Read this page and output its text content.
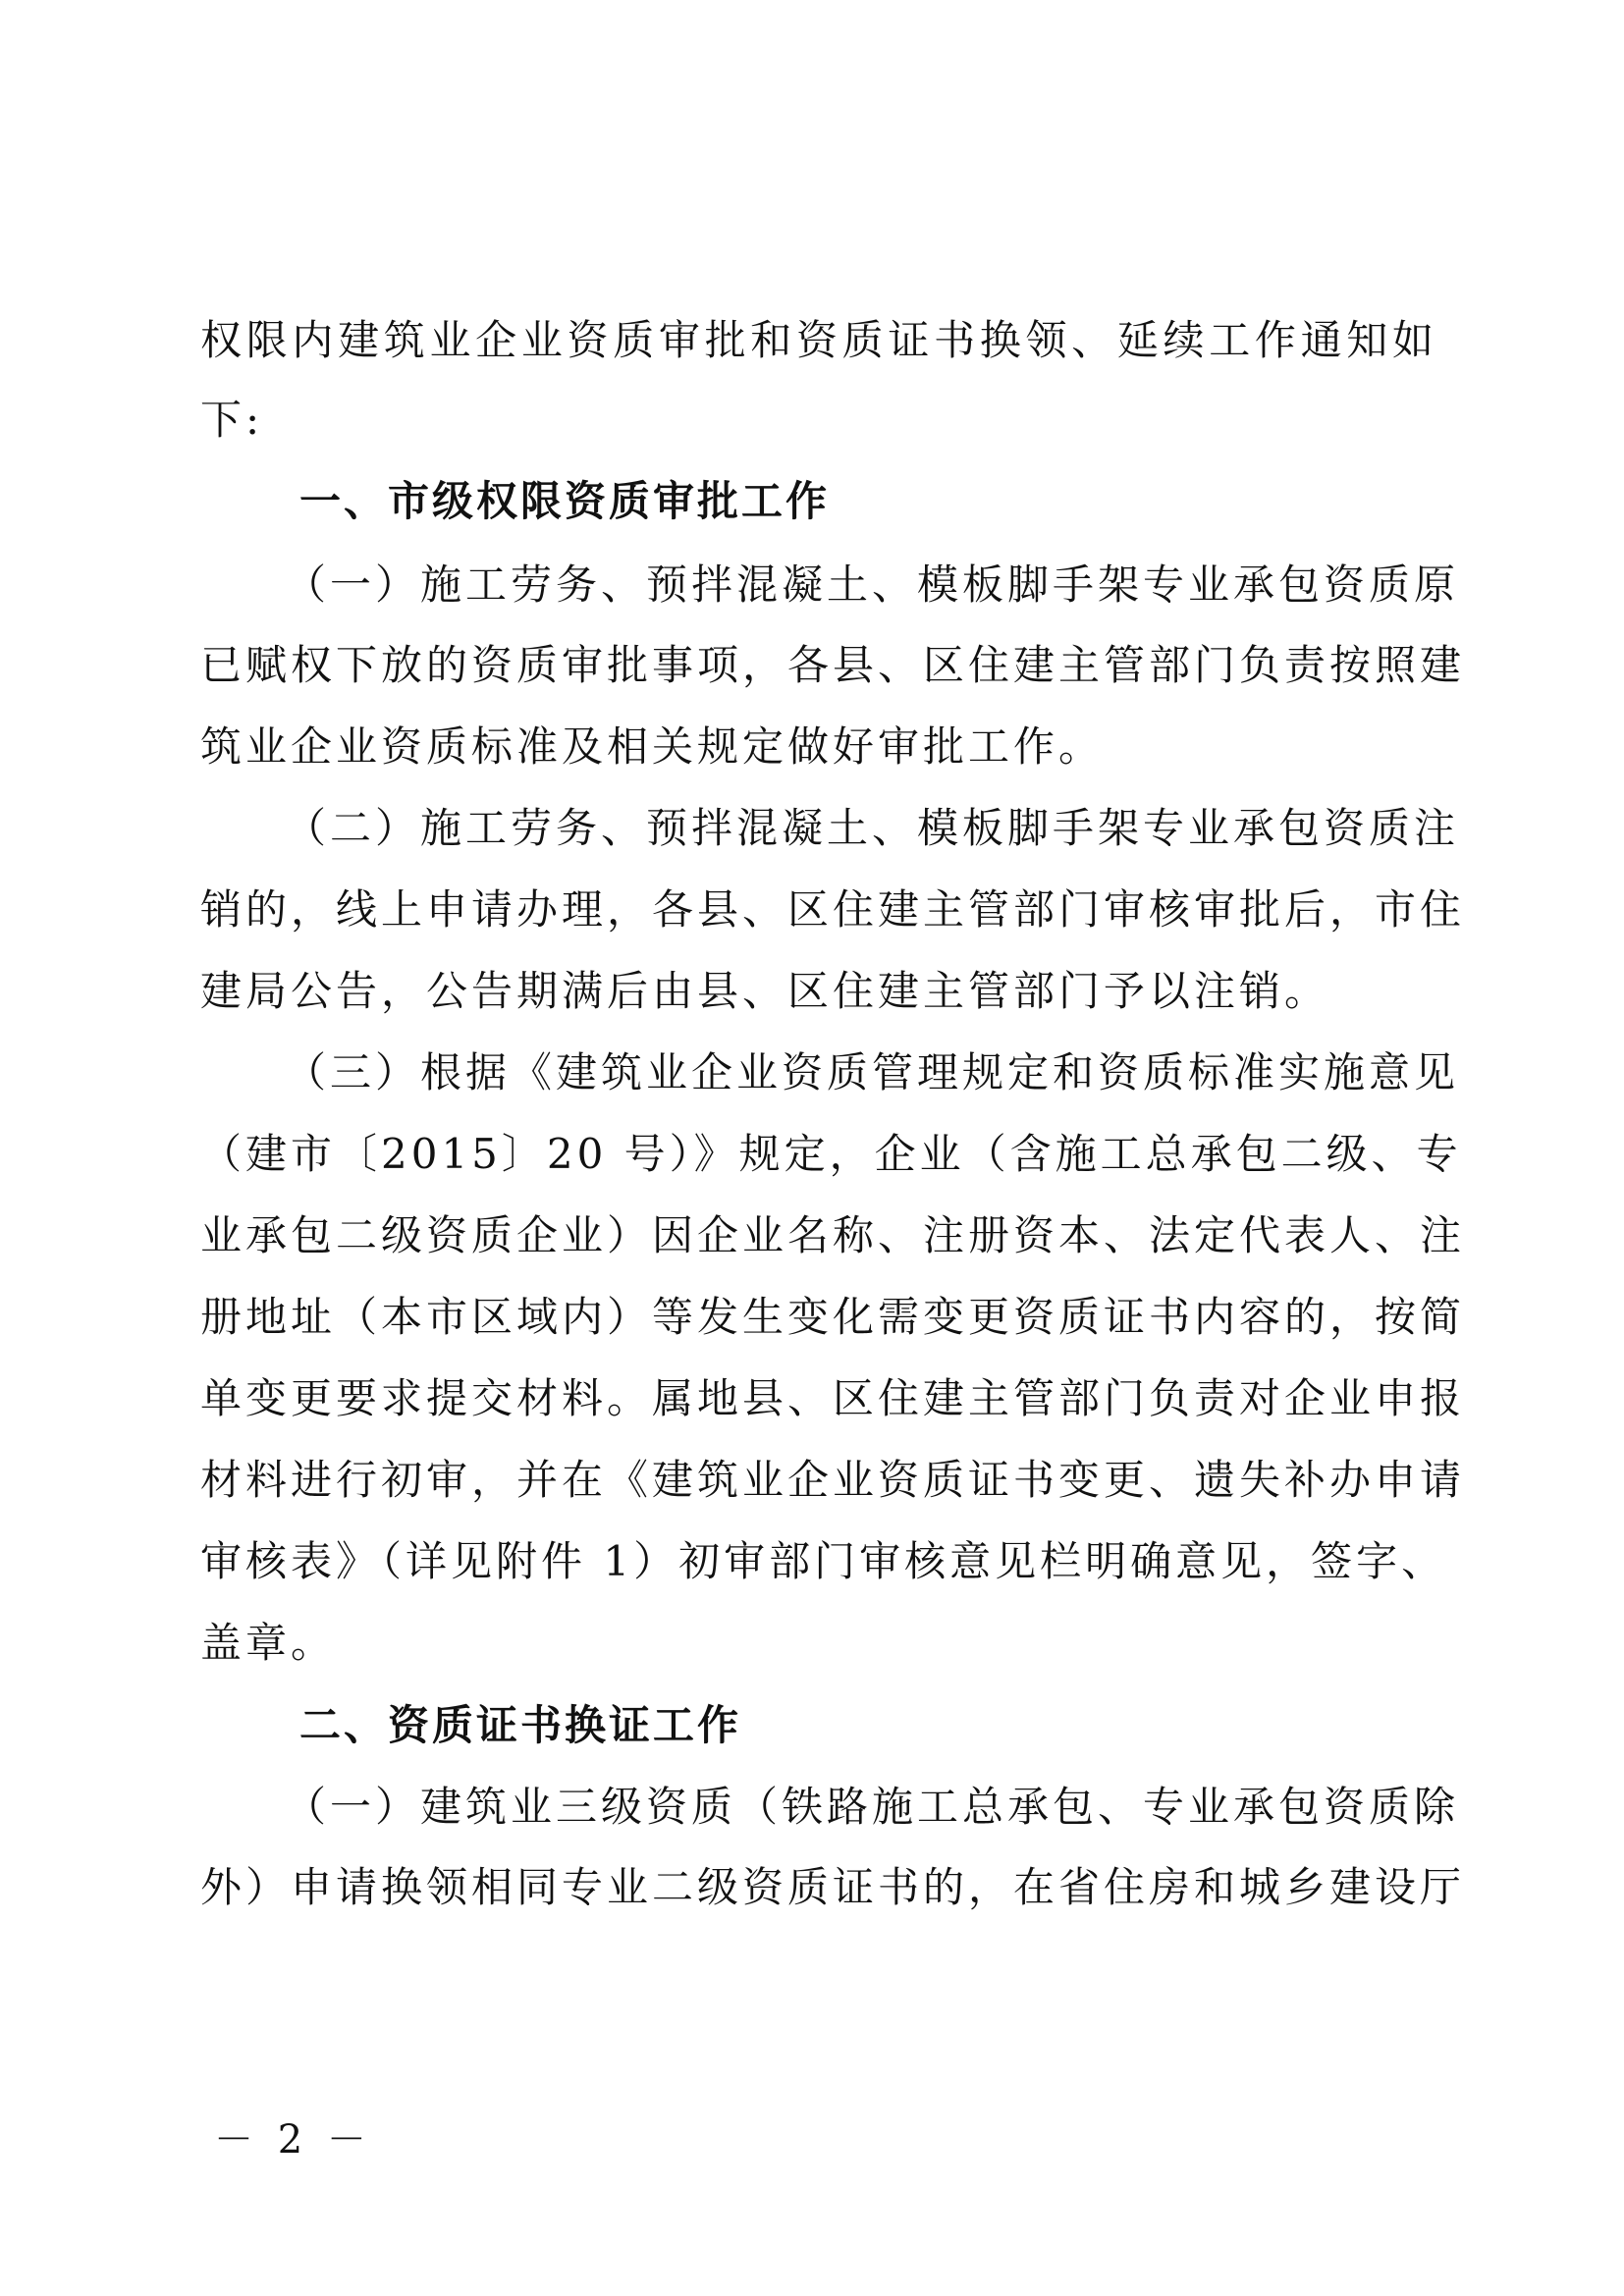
权限内建筑业企业资质审批和资质证书换领、延续工作通知如
下:
一、市级权限资质审批工作
（一）施工劳务、预拌混凝土、模板脚手架专业承包资质原
已赋权下放的资质审批事项，各县、区住建主管部门负责按照建
筑业企业资质标准及相关规定做好审批工作。
（二）施工劳务、预拌混凝土、模板脚手架专业承包资质注
销的，线上申请办理，各县、区住建主管部门审核审批后，市住
建局公告，公告期满后由县、区住建主管部门予以注销。
（三）根据《建筑业企业资质管理规定和资质标准实施意见
（建市〔2015〕20 号）》规定，企业（含施工总承包二级、专
业承包二级资质企业）因企业名称、注册资本、法定代表人、注
册地址（本市区域内）等发生变化需变更资质证书内容的，按简
单变更要求提交材料。属地县、区住建主管部门负责对企业申报
材料进行初审，并在《建筑业企业资质证书变更、遗失补办申请
审核表》（详见附件 1）初审部门审核意见栏明确意见，签字、
盖章。
二、资质证书换证工作
（一）建筑业三级资质（铁路施工总承包、专业承包资质除
外）申请换领相同专业二级资质证书的，在省住房和城乡建设厅
－ 2 －
